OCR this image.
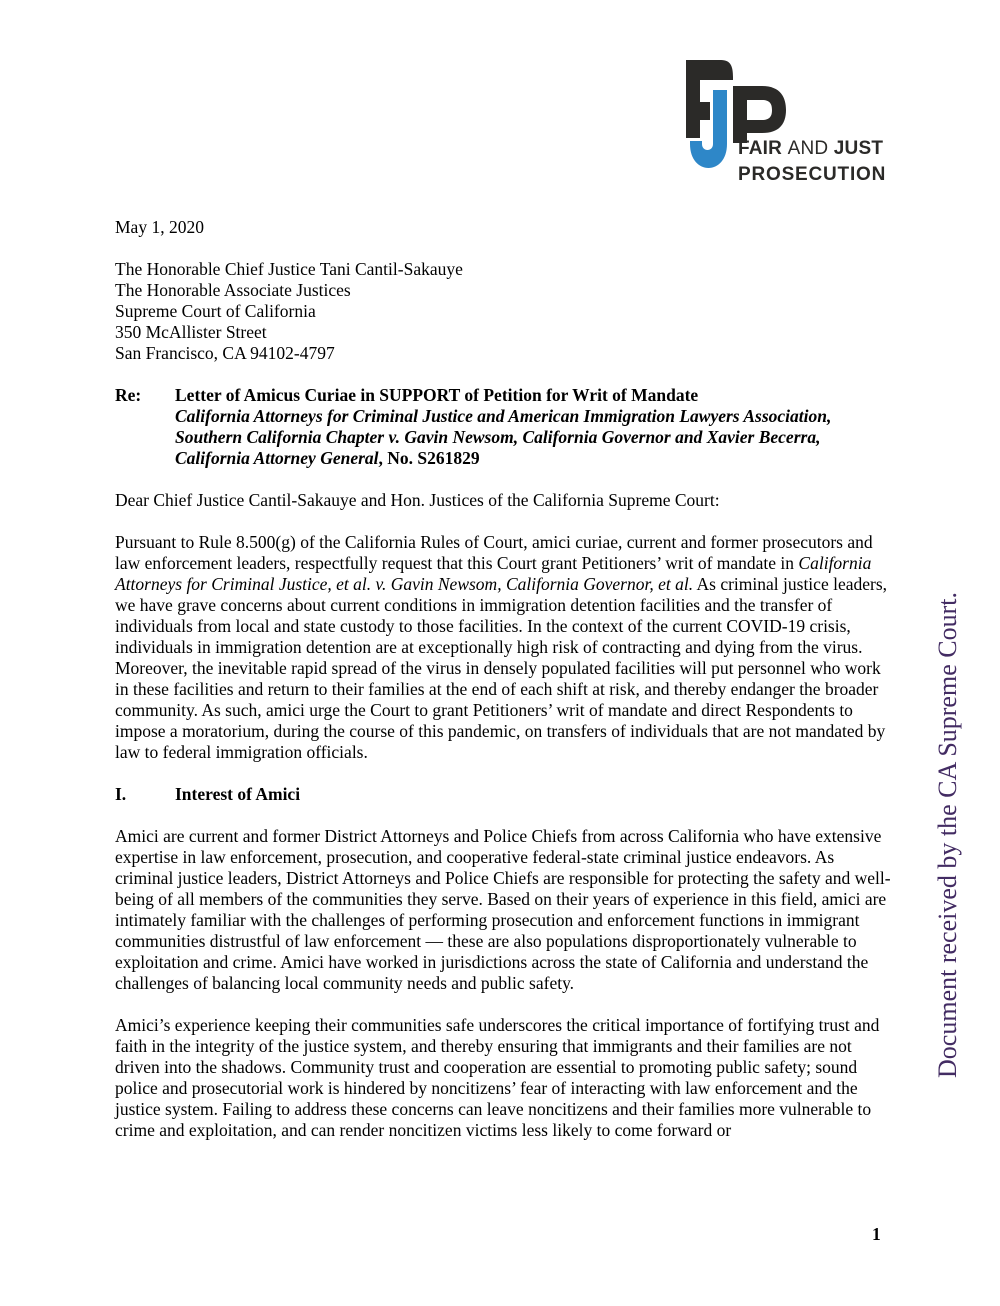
FAIR AND JUST
PROSECUTION
May 1, 2020
The Honorable Chief Justice Tani Cantil-Sakauye
The Honorable Associate Justices
Supreme Court of California
350 McAllister Street
San Francisco, CA 94102-4797
Re: Letter of Amicus Curiae in SUPPORT of Petition for Writ of Mandate
California Attorneys for Criminal Justice and American Immigration Lawyers Association,
Southern California Chapter v. Gavin Newsom, California Governor and Xavier Becerra,
California Attorney General, No. S261829
Dear Chief Justice Cantil-Sakauye and Hon. Justices of the California Supreme Court:

Pursuant to Rule 8.500(g) of the California Rules of Court, amici curiae, current and former prosecutors and law enforcement leaders, respectfully request that this Court grant Petitioners’ writ of mandate in California Attorneys for Criminal Justice, et al. v. Gavin Newsom, California Governor, et al. As criminal justice leaders, we have grave concerns about current conditions in immigration detention facilities and the transfer of individuals from local and state custody to those facilities. In the context of the current COVID-19 crisis, individuals in immigration detention are at exceptionally high risk of contracting and dying from the virus. Moreover, the inevitable rapid spread of the virus in densely populated facilities will put personnel who work in these facilities and return to their families at the end of each shift at risk, and thereby endanger the broader community. As such, amici urge the Court to grant Petitioners’ writ of mandate and direct Respondents to impose a moratorium, during the course of this pandemic, on transfers of individuals that are not mandated by law to federal immigration officials.

I.	Interest of Amici

Amici are current and former District Attorneys and Police Chiefs from across California who have extensive expertise in law enforcement, prosecution, and cooperative federal-state criminal justice endeavors. As criminal justice leaders, District Attorneys and Police Chiefs are responsible for protecting the safety and well-being of all members of the communities they serve. Based on their years of experience in this field, amici are intimately familiar with the challenges of performing prosecution and enforcement functions in immigrant communities distrustful of law enforcement — these are also populations disproportionately vulnerable to exploitation and crime. Amici have worked in jurisdictions across the state of California and understand the challenges of balancing local community needs and public safety.

Amici’s experience keeping their communities safe underscores the critical importance of fortifying trust and faith in the integrity of the justice system, and thereby ensuring that immigrants and their families are not driven into the shadows. Community trust and cooperation are essential to promoting public safety; sound police and prosecutorial work is hindered by noncitizens’ fear of interacting with law enforcement and the justice system. Failing to address these concerns can leave noncitizens and their families more vulnerable to crime and exploitation, and can render noncitizen victims less likely to come forward or

Document received by the CA Supreme Court.
1
